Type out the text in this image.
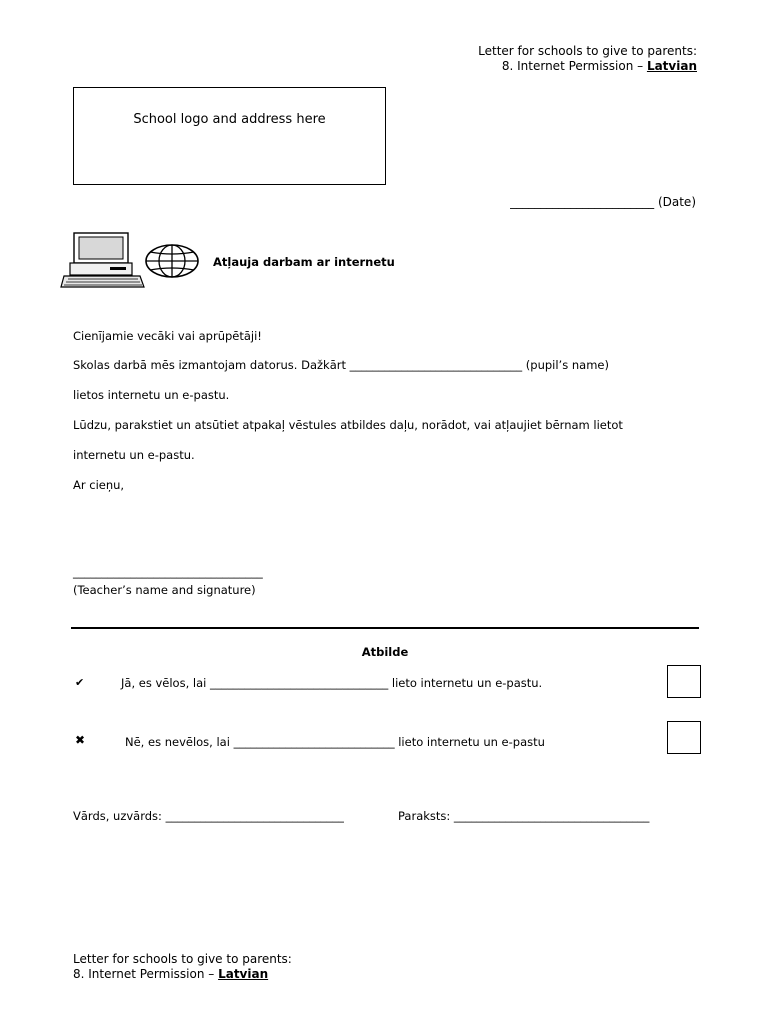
Letter for schools to give to parents:
8. Internet Permission – Latvian
School logo and address here
________________________ (Date)
Atļauja darbam ar internetu
Cienījamie vecāki vai aprūpētāji!
Skolas darbā mēs izmantojam datorus. Dažkārt ______________________________ (pupil’s name)
lietos internetu un e-pastu.
Lūdzu, parakstiet un atsūtiet atpakaļ vēstules atbildes daļu, norādot, vai atļaujiet bērnam lietot
internetu un e-pastu.
Ar cieņu,
_________________________________
(Teacher’s name and signature)
Atbilde
✔	Jā, es vēlos, lai _______________________________ lieto internetu un e-pastu.
✖	Nē, es nevēlos, lai ____________________________ lieto internetu un e-pastu
Vārds, uzvārds: _______________________________	Paraksts: __________________________________
Letter for schools to give to parents:
8. Internet Permission – Latvian
